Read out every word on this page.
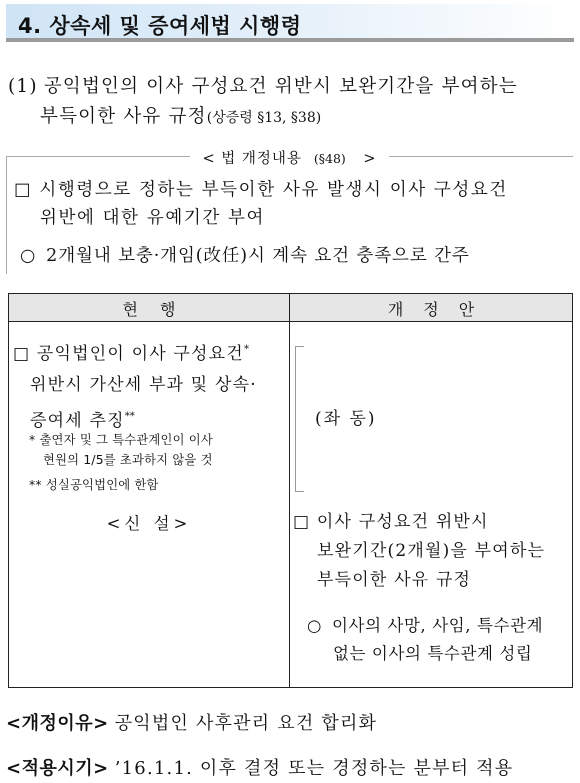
4. 상속세 및 증여세법 시행령
(1) 공익법인의 이사 구성요건 위반시 보완기간을 부여하는
부득이한 사유 규정(상증령 §13, §38)
< 법 개정내용 (§48) >
□ 시행령으로 정하는 부득이한 사유 발생시 이사 구성요건
위반에 대한 유예기간 부여
○ 2개월내 보충·개임(改任)시 계속 요건 충족으로 간주
현행	개정안
□ 공익법인이 이사 구성요건*
위반시 가산세 부과 및 상속·
증여세 추징**
* 출연자 및 그 특수관계인이 이사
현원의 1/5를 초과하지 않을 것
** 성실공익법인에 한함
<신 설>
(좌 동)
□ 이사 구성요건 위반시
보완기간(2개월)을 부여하는
부득이한 사유 규정
○ 이사의 사망, 사임, 특수관계
없는 이사의 특수관계 성립
<개정이유> 공익법인 사후관리 요건 합리화
<적용시기> ’16.1.1. 이후 결정 또는 경정하는 분부터 적용
